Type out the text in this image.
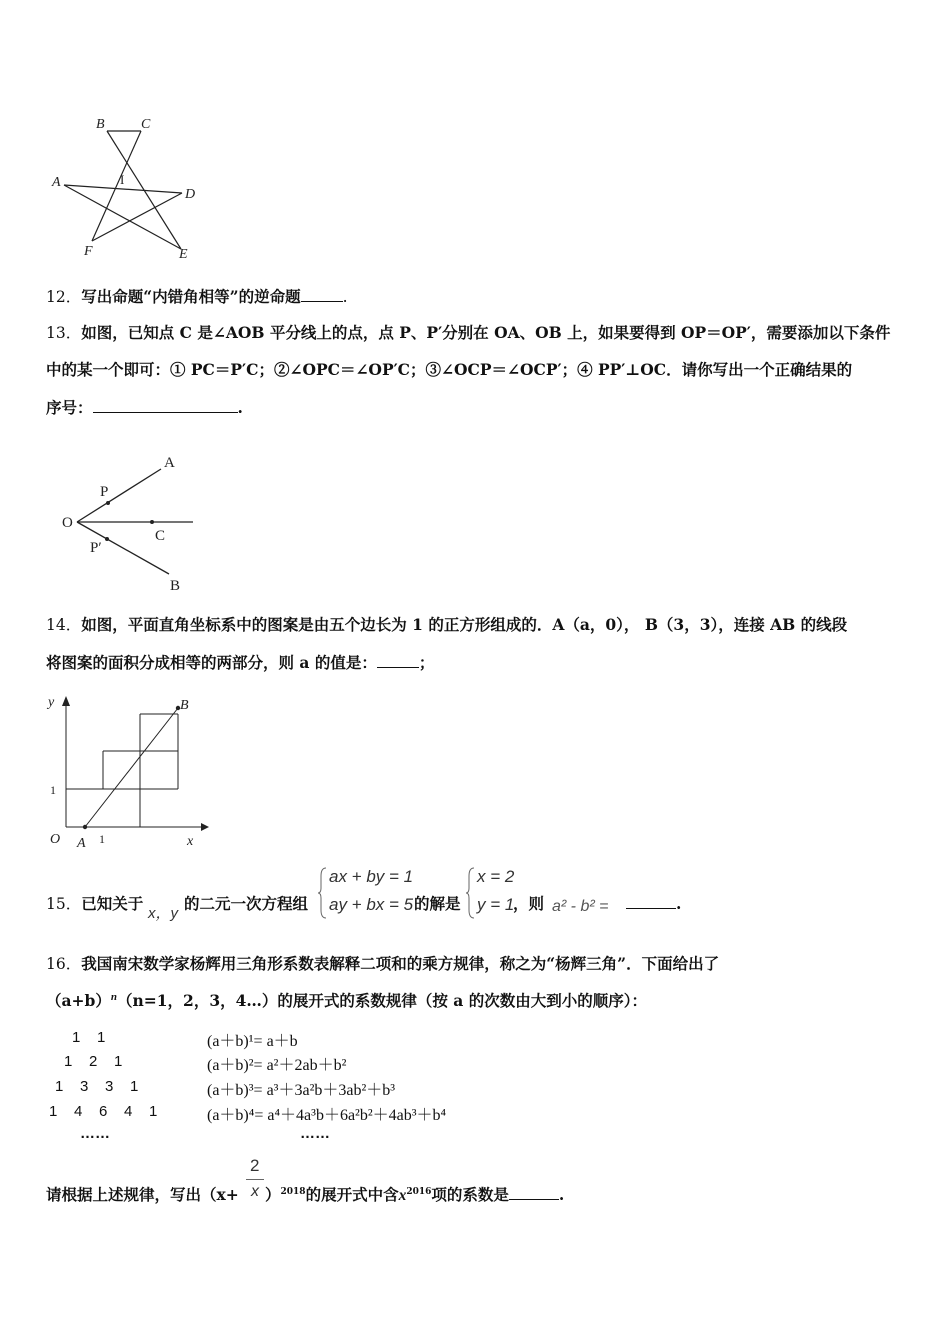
B	C
A	I
D
F	E
12．写出命题“内错角相等”的逆命题	.
13．如图，已知点 C 是∠AOB 平分线上的点，点 P、P′分别在 OA、OB 上，如果要得到 OP＝OP′，需要添加以下条件
中的某一个即可：① PC＝P′C；②∠OPC＝∠OP′C；③∠OCP＝∠OCP′；④ PP′⊥OC．请你写出一个正确结果的
序号：	.
A
P
O
C
P′
B
14．如图，平面直角坐标系中的图案是由五个边长为 1 的正方形组成的．A（a，0）， B（3，3），连接 AB 的线段
将图案的面积分成相等的两部分，则 a 的值是：	；
y	B
1
O A 1	x
15．已知关于
x，y
的二元一次方程组
ax + by = 1
ay + bx = 5 的解是
x = 2
y = 1
，则 a² - b² =	.
16．我国南宋数学家杨辉用三角形系数表解释二项和的乘方规律，称之为“杨辉三角”．下面给出了
$(a+b)^n(n=1$，2，3，4…）的展开式的系数规律（按 a 的次数由大到小的顺序）：
1    1
1    2    1
1    3    3    1
1    4    6    4    1
……
(a＋b)¹= a＋b
(a＋b)²= a²＋2ab＋b²
(a＋b)³= a³＋3a²b＋3ab²＋b³
(a＋b)⁴= a⁴＋4a³b＋6a²b²＋4ab³＋b⁴
……
请根据上述规律，写出（x+
2
x ）$^{2018}$的展开式中含$x^{2016}$项的系数是	.
